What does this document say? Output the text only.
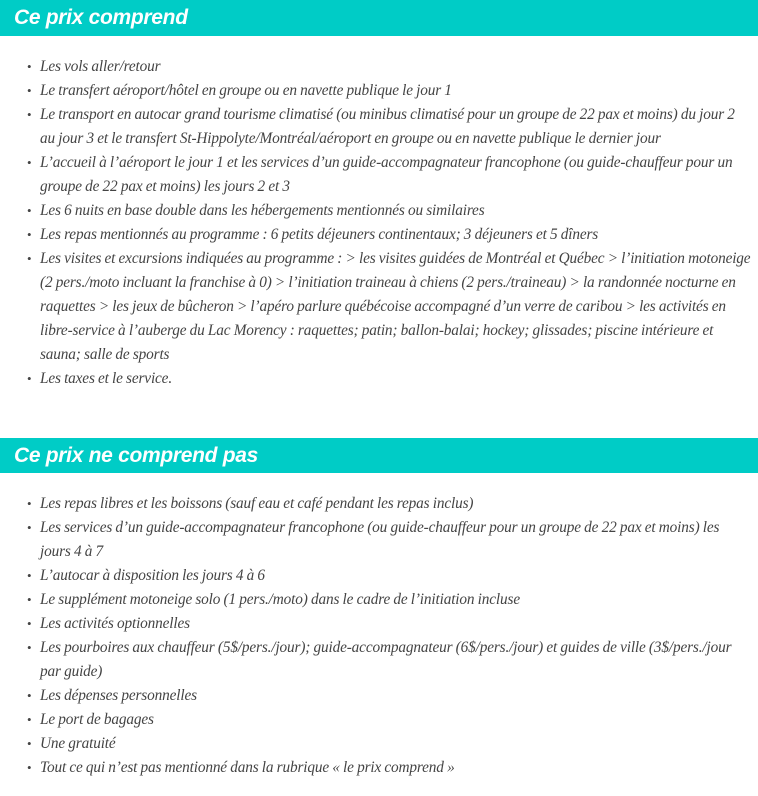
Ce prix comprend
• Les vols aller/retour
• Le transfert aéroport/hôtel en groupe ou en navette publique le jour 1
• Le transport en autocar grand tourisme climatisé (ou minibus climatisé pour un groupe de 22 pax et moins) du jour 2 au jour 3 et le transfert St-Hippolyte/Montréal/aéroport en groupe ou en navette publique le dernier jour
• L’accueil à l’aéroport le jour 1 et les services d’un guide-accompagnateur francophone (ou guide-chauffeur pour un groupe de 22 pax et moins) les jours 2 et 3
• Les 6 nuits en base double dans les hébergements mentionnés ou similaires
• Les repas mentionnés au programme : 6 petits déjeuners continentaux; 3 déjeuners et 5 dîners
• Les visites et excursions indiquées au programme : > les visites guidées de Montréal et Québec > l’initiation motoneige (2 pers./moto incluant la franchise à 0) > l’initiation traineau à chiens (2 pers./traineau) > la randonnée nocturne en raquettes > les jeux de bûcheron > l’apéro parlure québécoise accompagné d’un verre de caribou > les activités en libre-service à l’auberge du Lac Morency : raquettes; patin; ballon-balai; hockey; glissades; piscine intérieure et sauna; salle de sports
• Les taxes et le service.
Ce prix ne comprend pas
• Les repas libres et les boissons (sauf eau et café pendant les repas inclus)
• Les services d’un guide-accompagnateur francophone (ou guide-chauffeur pour un groupe de 22 pax et moins) les jours 4 à 7
• L’autocar à disposition les jours 4 à 6
• Le supplément motoneige solo (1 pers./moto) dans le cadre de l’initiation incluse
• Les activités optionnelles
• Les pourboires aux chauffeur (5$/pers./jour); guide-accompagnateur (6$/pers./jour) et guides de ville (3$/pers./jour par guide)
• Les dépenses personnelles
• Le port de bagages
• Une gratuité
• Tout ce qui n’est pas mentionné dans la rubrique « le prix comprend »
